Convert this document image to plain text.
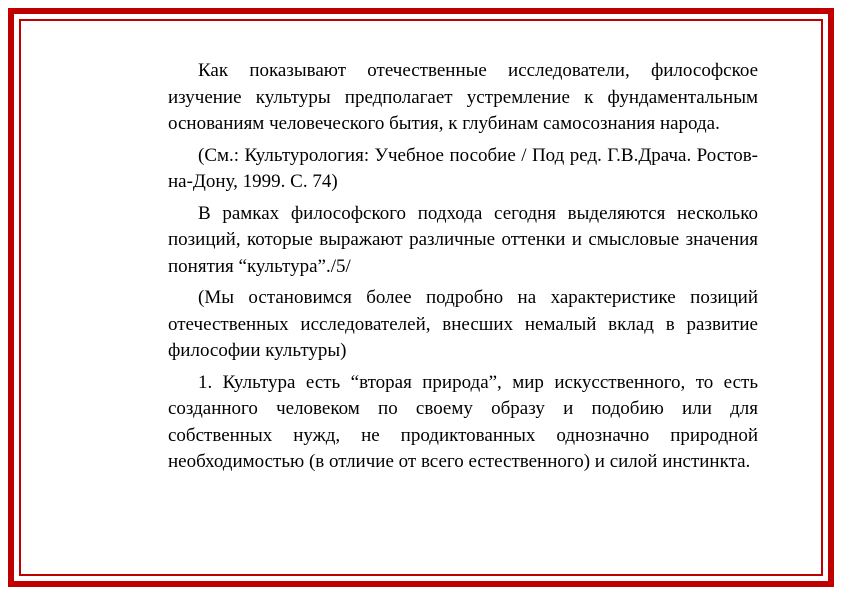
Как показывают отечественные исследователи, философское изучение культуры предполагает устремление к фундаментальным основаниям человеческого бытия, к глубинам самосознания народа.

(См.: Культурология: Учебное пособие / Под ред. Г.В.Драча. Ростов-на-Дону, 1999. С. 74)

В рамках философского подхода сегодня выделяются несколько позиций, которые выражают различные оттенки и смысловые значения понятия “культура”./5/

(Мы остановимся более подробно на характеристике позиций отечественных исследователей, внесших немалый вклад в развитие философии культуры)

1. Культура есть “вторая природа”, мир искусственного, то есть созданного человеком по своему образу и подобию или для собственных нужд, не продиктованных однозначно природной необходимостью (в отличие от всего естественного) и силой инстинкта.
